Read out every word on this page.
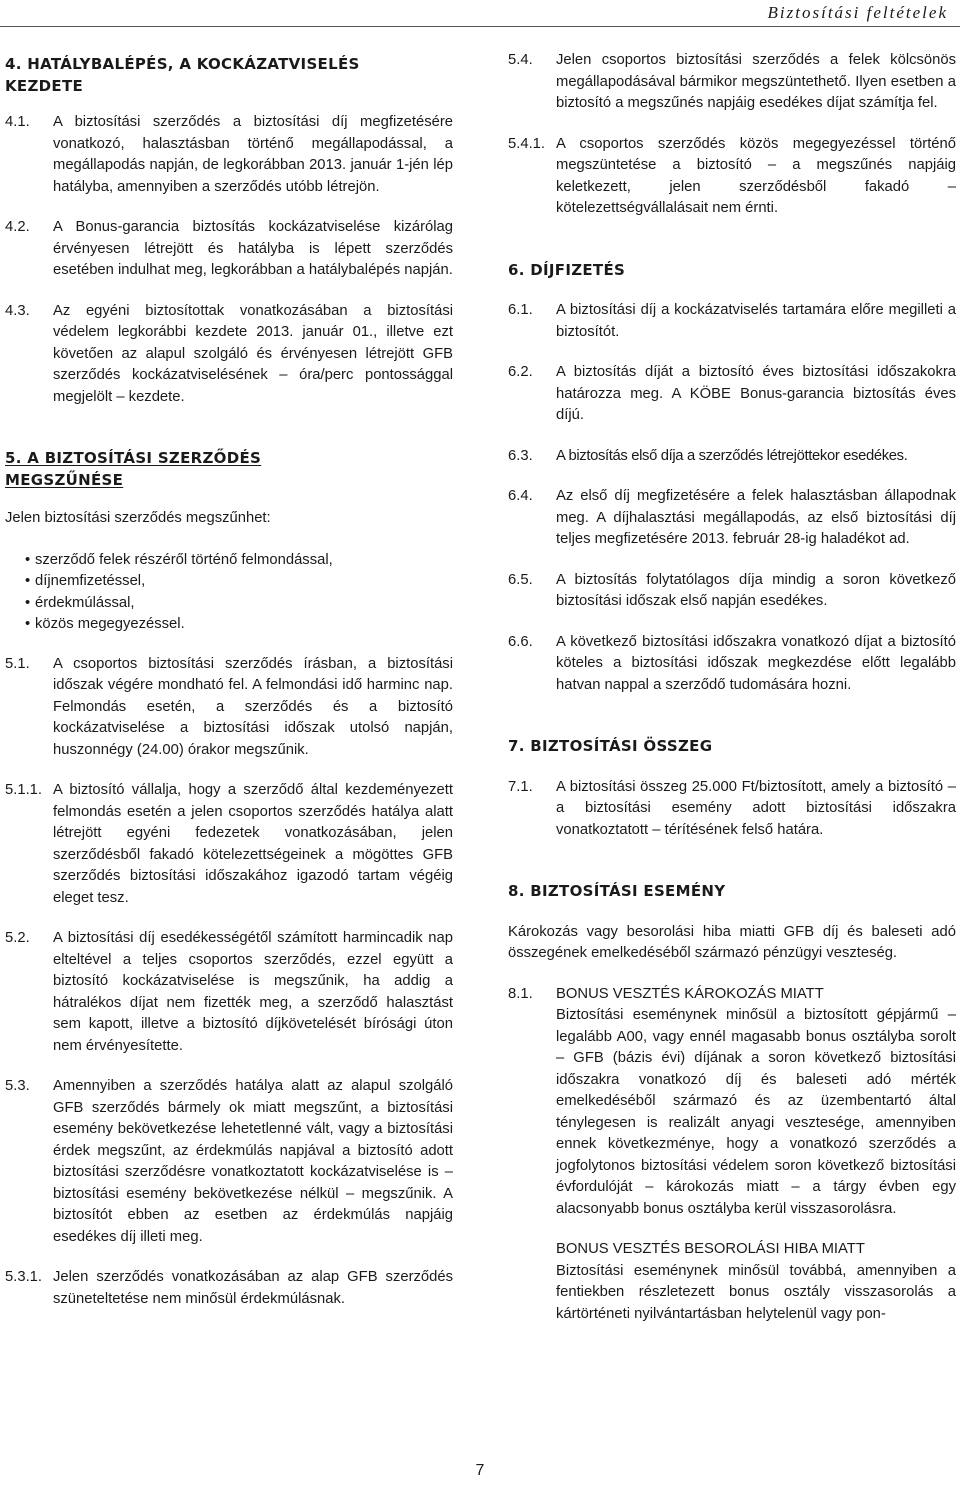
Biztosítási feltételek
4. HATÁLYBALÉPÉS, A KOCKÁZATVISELÉS
KEZDETE
4.1. A biztosítási szerződés a biztosítási díj megfizetésére vonatkozó, halasztásban történő megállapodással, a megállapodás napján, de legkorábban 2013. január 1-jén lép hatályba, amennyiben a szerződés utóbb létrejön.
4.2. A Bonus-garancia biztosítás kockázatviselése kizárólag érvényesen létrejött és hatályba is lépett szerződés esetében indulhat meg, legkorábban a hatálybalépés napján.
4.3. Az egyéni biztosítottak vonatkozásában a biztosítási védelem legkorábbi kezdete 2013. január 01., illetve ezt követően az alapul szolgáló és érvényesen létrejött GFB szerződés kockázatviselésének – óra/perc pontossággal megjelölt – kezdete.
5. A BIZTOSÍTÁSI SZERZŐDÉS
MEGSZŰNÉSE
Jelen biztosítási szerződés megszűnhet:
• szerződő felek részéről történő felmondással,
• díjnemfizetéssel,
• érdekmúlással,
• közös megegyezéssel.
5.1. A csoportos biztosítási szerződés írásban, a biztosítási időszak végére mondható fel. A felmondási idő harminc nap. Felmondás esetén, a szerződés és a biztosító kockázatviselése a biztosítási időszak utolsó napján, huszonnégy (24.00) órakor megszűnik.
5.1.1. A biztosító vállalja, hogy a szerződő által kezdeményezett felmondás esetén a jelen csoportos szerződés hatálya alatt létrejött egyéni fedezetek vonatkozásában, jelen szerződésből fakadó kötelezettségeinek a mögöttes GFB szerződés biztosítási időszakához igazodó tartam végéig eleget tesz.
5.2. A biztosítási díj esedékességétől számított harmincadik nap elteltével a teljes csoportos szerződés, ezzel együtt a biztosító kockázatviselése is megszűnik, ha addig a hátralékos díjat nem fizették meg, a szerződő halasztást sem kapott, illetve a biztosító díjkövetelését bírósági úton nem érvényesítette.
5.3. Amennyiben a szerződés hatálya alatt az alapul szolgáló GFB szerződés bármely ok miatt megszűnt, a biztosítási esemény bekövetkezése lehetetlenné vált, vagy a biztosítási érdek megszűnt, az érdekmúlás napjával a biztosító adott biztosítási szerződésre vonatkoztatott kockázatviselése is – biztosítási esemény bekövetkezése nélkül – megszűnik. A biztosítót ebben az esetben az érdekmúlás napjáig esedékes díj illeti meg.
5.3.1. Jelen szerződés vonatkozásában az alap GFB szerződés szüneteltetése nem minősül érdekmúlásnak.
5.4. Jelen csoportos biztosítási szerződés a felek kölcsönös megállapodásával bármikor megszüntethető. Ilyen esetben a biztosító a megszűnés napjáig esedékes díjat számítja fel.
5.4.1. A csoportos szerződés közös megegyezéssel történő megszüntetése a biztosító – a megszűnés napjáig keletkezett, jelen szerződésből fakadó – kötelezettségvállalásait nem érnti.
6. DÍJFIZETÉS
6.1. A biztosítási díj a kockázatviselés tartamára előre megilleti a biztosítót.
6.2. A biztosítás díját a biztosító éves biztosítási időszakokra határozza meg. A KÖBE Bonus-garancia biztosítás éves díjú.
6.3. A biztosítás első díja a szerződés létrejöttekor esedékes.
6.4. Az első díj megfizetésére a felek halasztásban állapodnak meg. A díjhalasztási megállapodás, az első biztosítási díj teljes megfizetésére 2013. február 28-ig haladékot ad.
6.5. A biztosítás folytatólagos díja mindig a soron következő biztosítási időszak első napján esedékes.
6.6. A következő biztosítási időszakra vonatkozó díjat a biztosító köteles a biztosítási időszak megkezdése előtt legalább hatvan nappal a szerződő tudomására hozni.
7. BIZTOSÍTÁSI ÖSSZEG
7.1. A biztosítási összeg 25.000 Ft/biztosított, amely a biztosító – a biztosítási esemény adott biztosítási időszakra vonatkoztatott – térítésének felső határa.
8. BIZTOSÍTÁSI ESEMÉNY
Károkozás vagy besorolási hiba miatti GFB díj és baleseti adó összegének emelkedéséből származó pénzügyi veszteség.
8.1. BONUS VESZTÉS KÁROKOZÁS MIATT
Biztosítási eseménynek minősül a biztosított gépjármű – legalább A00, vagy ennél magasabb bonus osztályba sorolt – GFB (bázis évi) díjának a soron következő biztosítási időszakra vonatkozó díj és baleseti adó mérték emelkedéséből származó és az üzembentartó által ténylegesen is realizált anyagi vesztesége, amennyiben ennek következménye, hogy a vonatkozó szerződés a jogfolytonos biztosítási védelem soron következő biztosítási évfordulóját – károkozás miatt – a tárgy évben egy alacsonyabb bonus osztályba kerül visszasorolásra.
BONUS VESZTÉS BESOROLÁSI HIBA MIATT
Biztosítási eseménynek minősül továbbá, amennyiben a fentiekben részletezett bonus osztály visszasorolás a kártörténeti nyilvántartásban helytelenül vagy pon-
7
